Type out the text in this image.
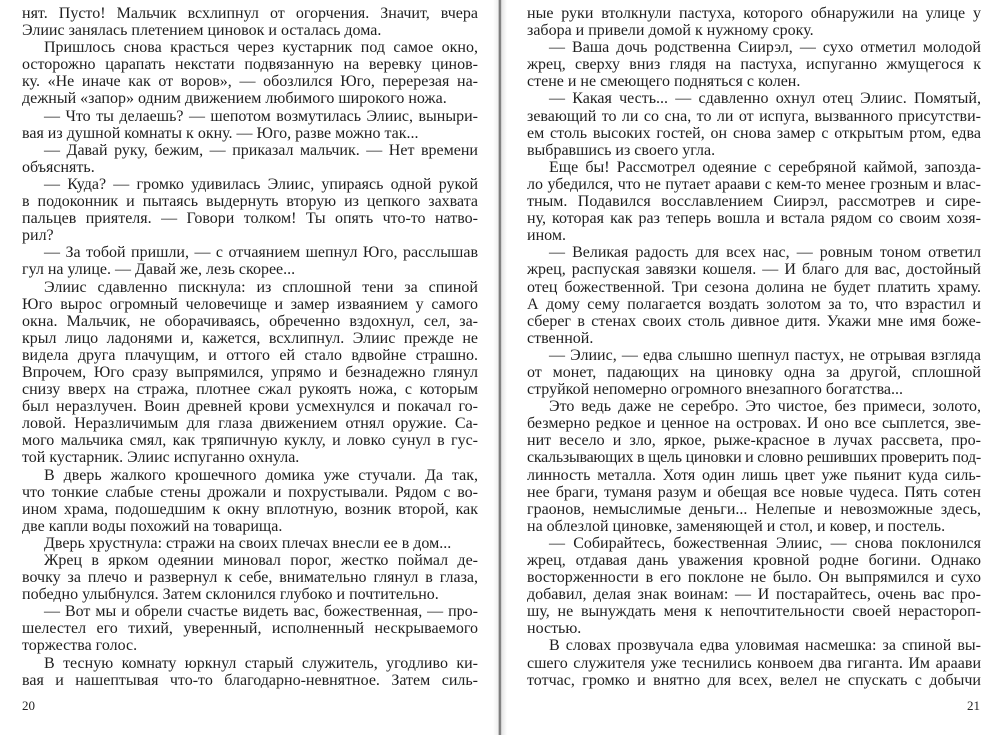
нят. Пусто! Мальчик всхлипнул от огорчения. Значит, вчера
Элиис занялась плетением циновок и осталась дома.
Пришлось снова красться через кустарник под самое окно,
осторожно царапать некстати подвязанную на веревку цинов-
ку. «Не иначе как от воров», — обозлился Юго, перерезая на-
дежный «запор» одним движением любимого широкого ножа.
— Что ты делаешь? — шепотом возмутилась Элиис, выныри-
вая из душной комнаты к окну. — Юго, разве можно так...
— Давай руку, бежим, — приказал мальчик. — Нет времени
объяснять.
— Куда? — громко удивилась Элиис, упираясь одной рукой
в подоконник и пытаясь выдернуть вторую из цепкого захвата
пальцев приятеля. — Говори толком! Ты опять что-то натво-
рил?
— За тобой пришли, — с отчаянием шепнул Юго, расслышав
гул на улице. — Давай же, лезь скорее...
Элиис сдавленно пискнула: из сплошной тени за спиной
Юго вырос огромный человечище и замер изваянием у самого
окна. Мальчик, не оборачиваясь, обреченно вздохнул, сел, за-
крыл лицо ладонями и, кажется, всхлипнул. Элиис прежде не
видела друга плачущим, и оттого ей стало вдвойне страшно.
Впрочем, Юго сразу выпрямился, упрямо и безнадежно глянул
снизу вверх на стража, плотнее сжал рукоять ножа, с которым
был неразлучен. Воин древней крови усмехнулся и покачал го-
ловой. Неразличимым для глаза движением отнял оружие. Са-
мого мальчика смял, как тряпичную куклу, и ловко сунул в гус-
той кустарник. Элиис испуганно охнула.
В дверь жалкого крошечного домика уже стучали. Да так,
что тонкие слабые стены дрожали и похрустывали. Рядом с во-
ином храма, подошедшим к окну вплотную, возник второй, как
две капли воды похожий на товарища.
Дверь хрустнула: стражи на своих плечах внесли ее в дом...
Жрец в ярком одеянии миновал порог, жестко поймал де-
вочку за плечо и развернул к себе, внимательно глянул в глаза,
победно улыбнулся. Затем склонился глубоко и почтительно.
— Вот мы и обрели счастье видеть вас, божественная, — про-
шелестел его тихий, уверенный, исполненный нескрываемого
торжества голос.
В тесную комнату юркнул старый служитель, угодливо ки-
вая и нашептывая что-то благодарно-невнятное. Затем силь-
20
ные руки втолкнули пастуха, которого обнаружили на улице у
забора и привели домой к нужному сроку.
— Ваша дочь родственна Сиирэл, — сухо отметил молодой
жрец, сверху вниз глядя на пастуха, испуганно жмущегося к
стене и не смеющего подняться с колен.
— Какая честь... — сдавленно охнул отец Элиис. Помятый,
зевающий то ли со сна, то ли от испуга, вызванного присутстви-
ем столь высоких гостей, он снова замер с открытым ртом, едва
выбравшись из своего угла.
Еще бы! Рассмотрел одеяние с серебряной каймой, запозда-
ло убедился, что не путает араави с кем-то менее грозным и влас-
тным. Подавился восславлением Сиирэл, рассмотрев и сире-
ну, которая как раз теперь вошла и встала рядом со своим хозя-
ином.
— Великая радость для всех нас, — ровным тоном ответил
жрец, распуская завязки кошеля. — И благо для вас, достойный
отец божественной. Три сезона долина не будет платить храму.
А дому сему полагается воздать золотом за то, что взрастил и
сберег в стенах своих столь дивное дитя. Укажи мне имя боже-
ственной.
— Элиис, — едва слышно шепнул пастух, не отрывая взгляда
от монет, падающих на циновку одна за другой, сплошной
струйкой непомерно огромного внезапного богатства...
Это ведь даже не серебро. Это чистое, без примеси, золото,
безмерно редкое и ценное на островах. И оно все сыплется, зве-
нит весело и зло, яркое, рыже-красное в лучах рассвета, про-
скальзывающих в щель циновки и словно решивших проверить под-
линность металла. Хотя один лишь цвет уже пьянит куда силь-
нее браги, туманя разум и обещая все новые чудеса. Пять сотен
граонов, немыслимые деньги... Нелепые и невозможные здесь,
на облезлой циновке, заменяющей и стол, и ковер, и постель.
— Собирайтесь, божественная Элиис, — снова поклонился
жрец, отдавая дань уважения кровной родне богини. Однако
восторженности в его поклоне не было. Он выпрямился и сухо
добавил, делая знак воинам: — И постарайтесь, очень вас про-
шу, не вынуждать меня к непочтительности своей нерастороп-
ностью.
В словах прозвучала едва уловимая насмешка: за спиной вы-
сшего служителя уже теснились конвоем два гиганта. Им араави
тотчас, громко и внятно для всех, велел не спускать с добычи
21
